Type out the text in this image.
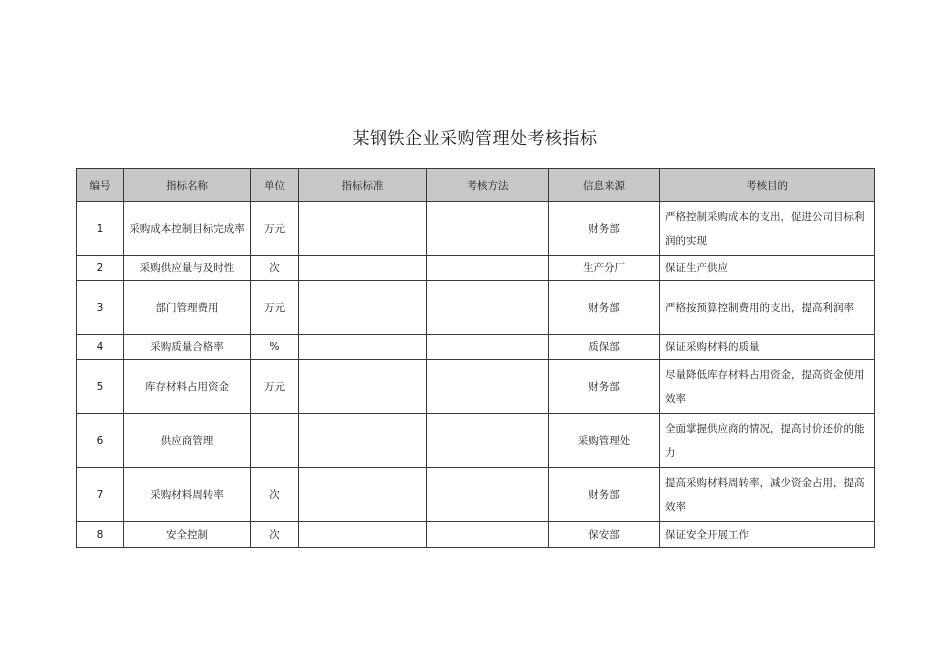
某钢铁企业采购管理处考核指标
编号	指标名称	单位	指标标准	考核方法	信息来源	考核目的
1	采购成本控制目标完成率	万元			财务部	严格控制采购成本的支出，促进公司目标利润的实现
2	采购供应量与及时性	次			生产分厂	保证生产供应
3	部门管理费用	万元			财务部	严格按预算控制费用的支出，提高利润率
4	采购质量合格率	%			质保部	保证采购材料的质量
5	库存材料占用资金	万元			财务部	尽量降低库存材料占用资金，提高资金使用效率
6	供应商管理				采购管理处	全面掌握供应商的情况，提高讨价还价的能力
7	采购材料周转率	次			财务部	提高采购材料周转率，减少资金占用，提高效率
8	安全控制	次			保安部	保证安全开展工作
